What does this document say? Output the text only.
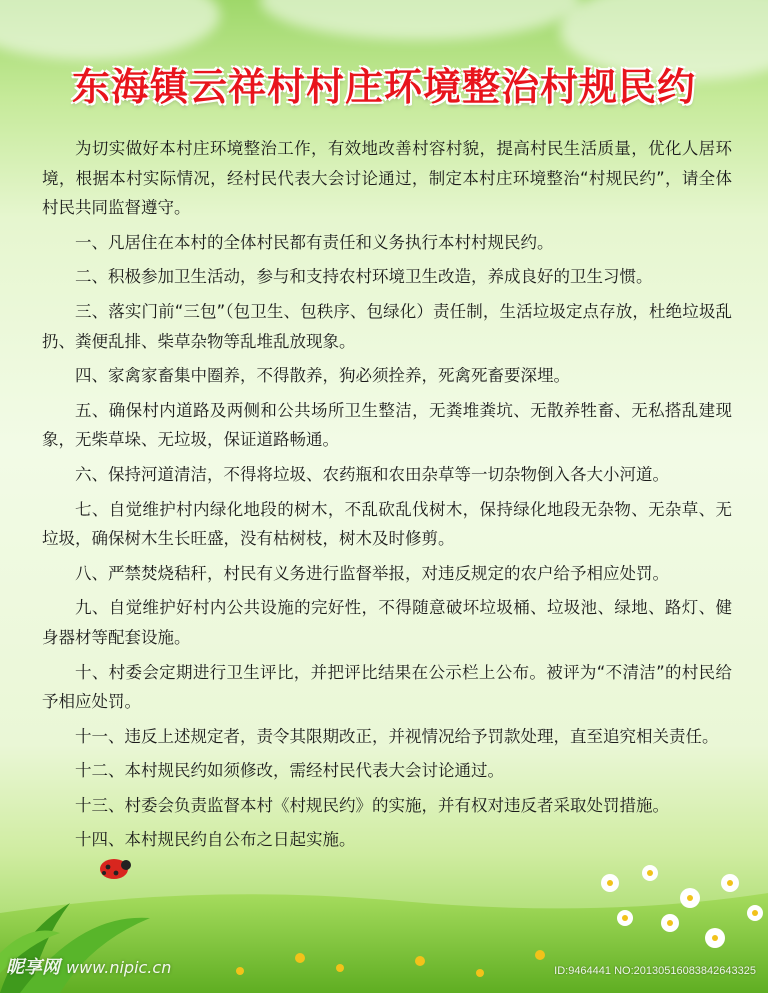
东海镇云祥村村庄环境整治村规民约

为切实做好本村庄环境整治工作，有效地改善村容村貌，提高村民生活质量，优化人居环境，根据本村实际情况，经村民代表大会讨论通过，制定本村庄环境整治“村规民约”，请全体村民共同监督遵守。

一、凡居住在本村的全体村民都有责任和义务执行本村村规民约。

二、积极参加卫生活动，参与和支持农村环境卫生改造，养成良好的卫生习惯。

三、落实门前“三包”（包卫生、包秩序、包绿化）责任制，生活垃圾定点存放，杜绝垃圾乱扔、粪便乱排、柴草杂物等乱堆乱放现象。

四、家禽家畜集中圈养，不得散养，狗必须拴养，死禽死畜要深埋。

五、确保村内道路及两侧和公共场所卫生整洁，无粪堆粪坑、无散养牲畜、无私搭乱建现象，无柴草垛、无垃圾，保证道路畅通。

六、保持河道清洁，不得将垃圾、农药瓶和农田杂草等一切杂物倒入各大小河道。

七、自觉维护村内绿化地段的树木，不乱砍乱伐树木，保持绿化地段无杂物、无杂草、无垃圾，确保树木生长旺盛，没有枯树枝，树木及时修剪。

八、严禁焚烧秸秆，村民有义务进行监督举报，对违反规定的农户给予相应处罚。

九、自觉维护好村内公共设施的完好性，不得随意破坏垃圾桶、垃圾池、绿地、路灯、健身器材等配套设施。

十、村委会定期进行卫生评比，并把评比结果在公示栏上公布。被评为“不清洁”的村民给予相应处罚。

十一、违反上述规定者，责令其限期改正，并视情况给予罚款处理，直至追究相关责任。

十二、本村规民约如须修改，需经村民代表大会讨论通过。

十三、村委会负责监督本村《村规民约》的实施，并有权对违反者采取处罚措施。

十四、本村规民约自公布之日起实施。

昵享网 www.nipic.cn	ID:9464441 NO:20130516083842643325
